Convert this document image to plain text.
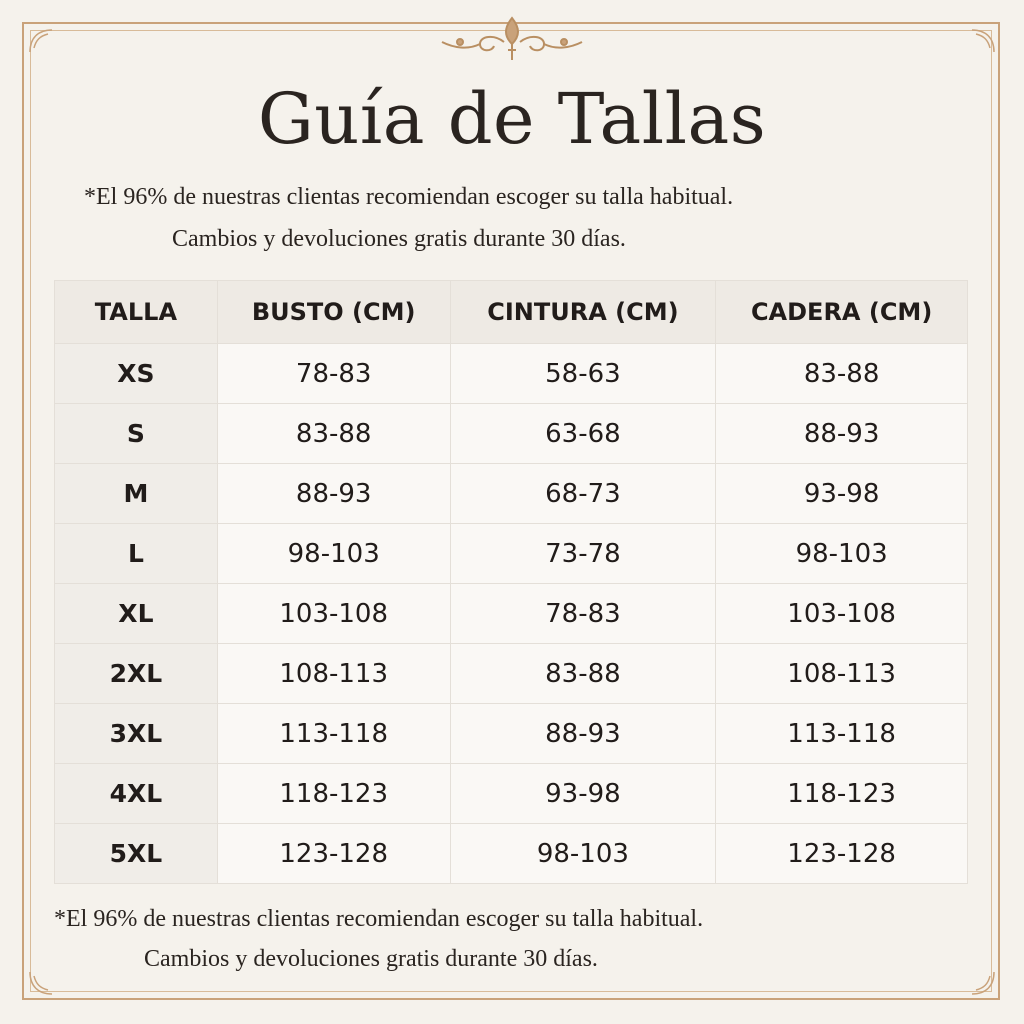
Guía de Tallas
*El 96% de nuestras clientas recomiendan escoger su talla habitual.
Cambios y devoluciones gratis durante 30 días.
TALLA	BUSTO (CM)	CINTURA (CM)	CADERA (CM)
XS	78-83	58-63	83-88
S	83-88	63-68	88-93
M	88-93	68-73	93-98
L	98-103	73-78	98-103
XL	103-108	78-83	103-108
2XL	108-113	83-88	108-113
3XL	113-118	88-93	113-118
4XL	118-123	93-98	118-123
5XL	123-128	98-103	123-128
*El 96% de nuestras clientas recomiendan escoger su talla habitual.
Cambios y devoluciones gratis durante 30 días.
